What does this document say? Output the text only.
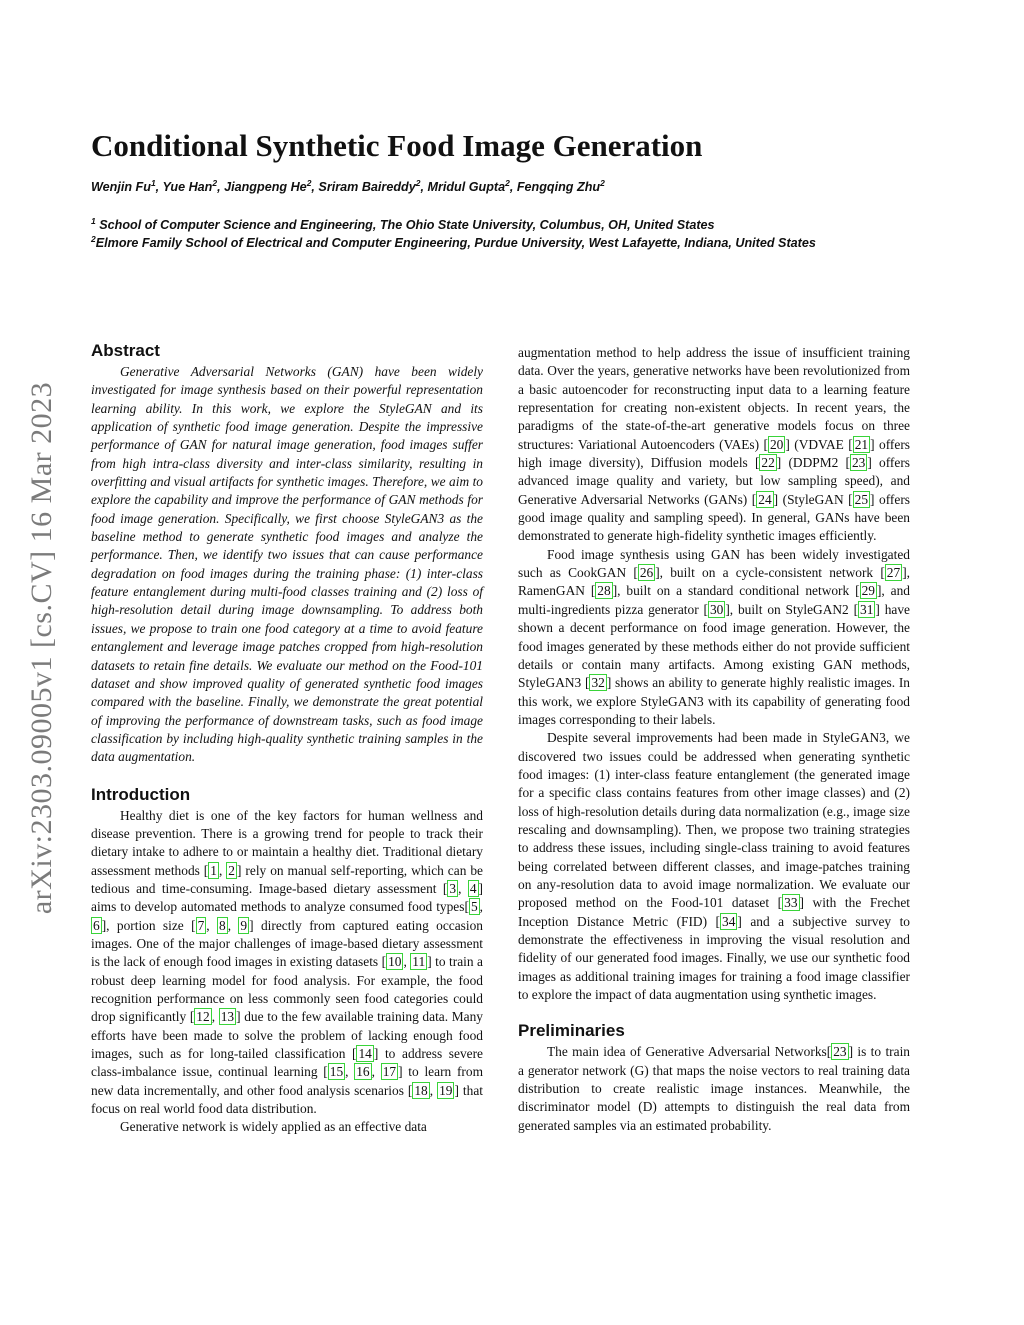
arXiv:2303.09005v1 [cs.CV] 16 Mar 2023
Conditional Synthetic Food Image Generation
Wenjin Fu$^1$, Yue Han$^2$, Jiangpeng He$^2$, Sriram Baireddy$^2$, Mridul Gupta$^2$, Fengqing Zhu$^2$
$^1$ School of Computer Science and Engineering, The Ohio State University, Columbus, OH, United States
$^2$Elmore Family School of Electrical and Computer Engineering, Purdue University, West Lafayette, Indiana, United States
Abstract

Generative Adversarial Networks (GAN) have been widely investigated for image synthesis based on their powerful representation learning ability. In this work, we explore the StyleGAN and its application of synthetic food image generation. Despite the impressive performance of GAN for natural image generation, food images suffer from high intra-class diversity and inter-class similarity, resulting in overfitting and visual artifacts for synthetic images. Therefore, we aim to explore the capability and improve the performance of GAN methods for food image generation. Specifically, we first choose StyleGAN3 as the baseline method to generate synthetic food images and analyze the performance. Then, we identify two issues that can cause performance degradation on food images during the training phase: (1) inter-class feature entanglement during multi-food classes training and (2) loss of high-resolution detail during image downsampling. To address both issues, we propose to train one food category at a time to avoid feature entanglement and leverage image patches cropped from high-resolution datasets to retain fine details. We evaluate our method on the Food-101 dataset and show improved quality of generated synthetic food images compared with the baseline. Finally, we demonstrate the great potential of improving the performance of downstream tasks, such as food image classification by including high-quality synthetic training samples in the data augmentation.

Introduction

Healthy diet is one of the key factors for human wellness and disease prevention. There is a growing trend for people to track their dietary intake to adhere to or maintain a healthy diet. Traditional dietary assessment methods [ 1 , 2 ] rely on manual self-reporting, which can be tedious and time-consuming. Image-based dietary assessment [ 3 , 4 ] aims to develop automated methods to analyze consumed food types[ 5 , 6 ], portion size [ 7 , 8 , 9 ] directly from captured eating occasion images. One of the major challenges of image-based dietary assessment is the lack of enough food images in existing datasets [ 10 , 11 ] to train a robust deep learning model for food analysis. For example, the food recognition performance on less commonly seen food categories could drop significantly [ 12 , 13 ] due to the few available training data. Many efforts have been made to solve the problem of lacking enough food images, such as for long-tailed classification [ 14 ] to address severe class-imbalance issue, continual learning [ 15 , 16 , 17 ] to learn from new data incrementally, and other food analysis scenarios [ 18 , 19 ] that focus on real world food data distribution.

Generative network is widely applied as an effective data

augmentation method to help address the issue of insufficient training data. Over the years, generative networks have been revolutionized from a basic autoencoder for reconstructing input data to a learning feature representation for creating non-existent objects. In recent years, the paradigms of the state-of-the-art generative models focus on three structures: Variational Autoencoders (VAEs) [ 20 ] (VDVAE [ 21 ] offers high image diversity), Diffusion models [ 22 ] (DDPM2 [ 23 ] offers advanced image quality and variety, but low sampling speed), and Generative Adversarial Networks (GANs) [ 24 ] (StyleGAN [ 25 ] offers good image quality and sampling speed). In general, GANs have been demonstrated to generate high-fidelity synthetic images efficiently.

Food image synthesis using GAN has been widely investigated such as CookGAN [ 26 ], built on a cycle-consistent network [ 27 ], RamenGAN [ 28 ], built on a standard conditional network [ 29 ], and multi-ingredients pizza generator [ 30 ], built on StyleGAN2 [ 31 ] have shown a decent performance on food image generation. However, the food images generated by these methods either do not provide sufficient details or contain many artifacts. Among existing GAN methods, StyleGAN3 [ 32 ] shows an ability to generate highly realistic images. In this work, we explore StyleGAN3 with its capability of generating food images corresponding to their labels.

Despite several improvements had been made in StyleGAN3, we discovered two issues could be addressed when generating synthetic food images: (1) inter-class feature entanglement (the generated image for a specific class contains features from other image classes) and (2) loss of high-resolution details during data normalization (e.g., image size rescaling and downsampling). Then, we propose two training strategies to address these issues, including single-class training to avoid features being correlated between different classes, and image-patches training on any-resolution data to avoid image normalization. We evaluate our proposed method on the Food-101 dataset [ 33 ] with the Frechet Inception Distance Metric (FID) [ 34 ] and a subjective survey to demonstrate the effectiveness in improving the visual resolution and fidelity of our generated food images. Finally, we use our synthetic food images as additional training images for training a food image classifier to explore the impact of data augmentation using synthetic images.

Preliminaries

The main idea of Generative Adversarial Networks[ 23 ] is to train a generator network (G) that maps the noise vectors to real training data distribution to create realistic image instances. Meanwhile, the discriminator model (D) attempts to distinguish the real data from generated samples via an estimated probability.
